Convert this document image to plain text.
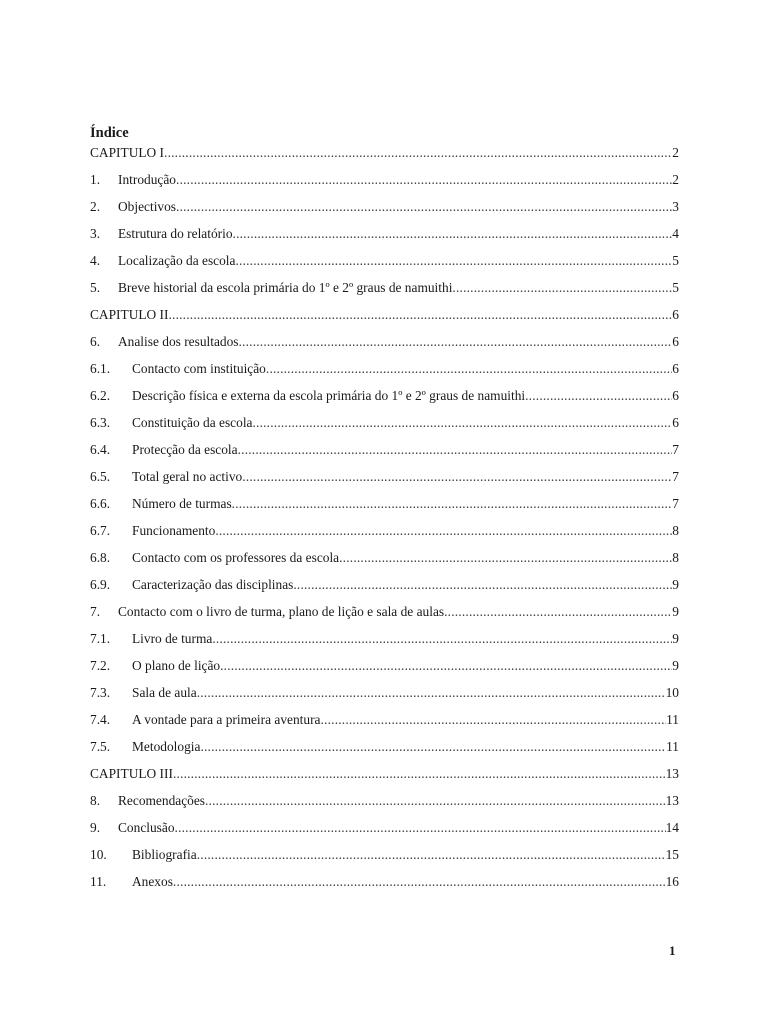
Índice
CAPITULO I .....	2
1.	Introdução .....	2
2.	Objectivos .....	3
3.	Estrutura do relatório .....	4
4.	Localização da escola .....	5
5.	Breve historial da escola primária do 1º e 2º graus de namuithi .....	5
CAPITULO II .....	6
6.	Analise dos resultados .....	6
6.1.	Contacto com instituição .....	6
6.2.	Descrição física e externa da escola primária do 1º e 2º graus de namuithi .....	6
6.3.	Constituição da escola .....	6
6.4.	Protecção da escola .....	7
6.5.	Total geral no activo .....	7
6.6.	Número de turmas .....	7
6.7.	Funcionamento .....	8
6.8.	Contacto com os professores da escola .....	8
6.9.	Caracterização das disciplinas .....	9
7.	Contacto com o livro de turma, plano de lição e sala de aulas .....	9
7.1.	Livro de turma .....	9
7.2.	O plano de lição .....	9
7.3.	Sala de aula .....	10
7.4.	A vontade para a primeira aventura .....	11
7.5.	Metodologia .....	11
CAPITULO III .....	13
8.	Recomendações .....	13
9.	Conclusão .....	14
10.	Bibliografia .....	15
11.	Anexos .....	16
1
